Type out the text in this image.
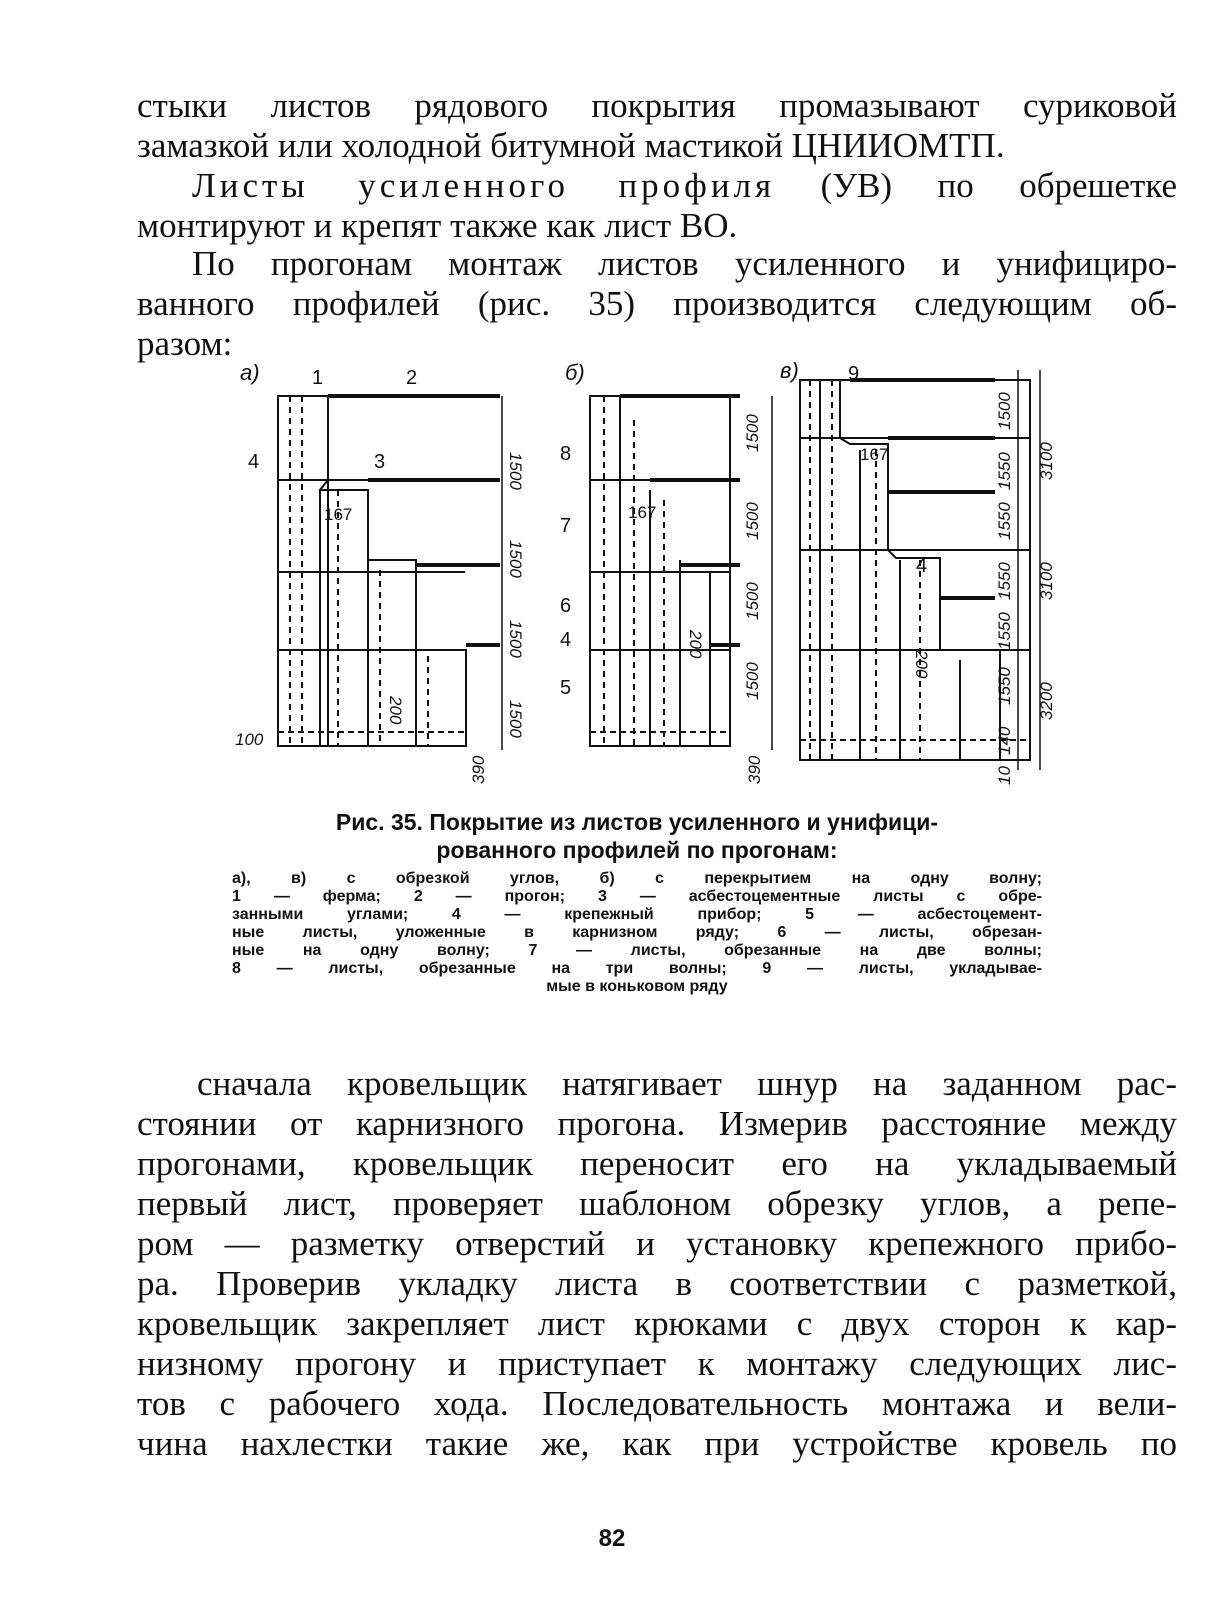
стыки листов рядового покрытия промазывают суриковой
замазкой или холодной битумной мастикой ЦНИИОМТП.
Листы усиленного профиля (УВ) по обрешетке
монтируют и крепят также как лист ВО.
По прогонам монтаж листов усиленного и унифициро-
ванного профилей (рис. 35) производится следующим об-
разом:
а)	б)	в)
1	2
3
4
167
100
8
7
6
4
5
167
9
4
167
1500
1500
1500
1500
200
390
1500
1500
1500
1500
200
390
1500
1550
1550
1550
1550
1550
3100
3100
3200
200
140
10
Рис. 35. Покрытие из листов усиленного и унифици-
рованного профилей по прогонам:
а), в) с обрезкой углов, б) с перекрытием на одну волну;
1 — ферма; 2 — прогон; 3 — асбестоцементные листы с обре-
занными углами; 4 — крепежный прибор; 5 — асбестоцемент-
ные листы, уложенные в карнизном ряду; 6 — листы, обрезан-
ные на одну волну; 7 — листы, обрезанные на две волны;
8 — листы, обрезанные на три волны; 9 — листы, укладывае-
мые в коньковом ряду
сначала кровельщик натягивает шнур на заданном рас-
стоянии от карнизного прогона. Измерив расстояние между
прогонами, кровельщик переносит его на укладываемый
первый лист, проверяет шаблоном обрезку углов, а репе-
ром — разметку отверстий и установку крепежного прибо-
ра. Проверив укладку листа в соответствии с разметкой,
кровельщик закрепляет лист крюками с двух сторон к кар-
низному прогону и приступает к монтажу следующих лис-
тов с рабочего хода. Последовательность монтажа и вели-
чина нахлестки такие же, как при устройстве кровель по
82
